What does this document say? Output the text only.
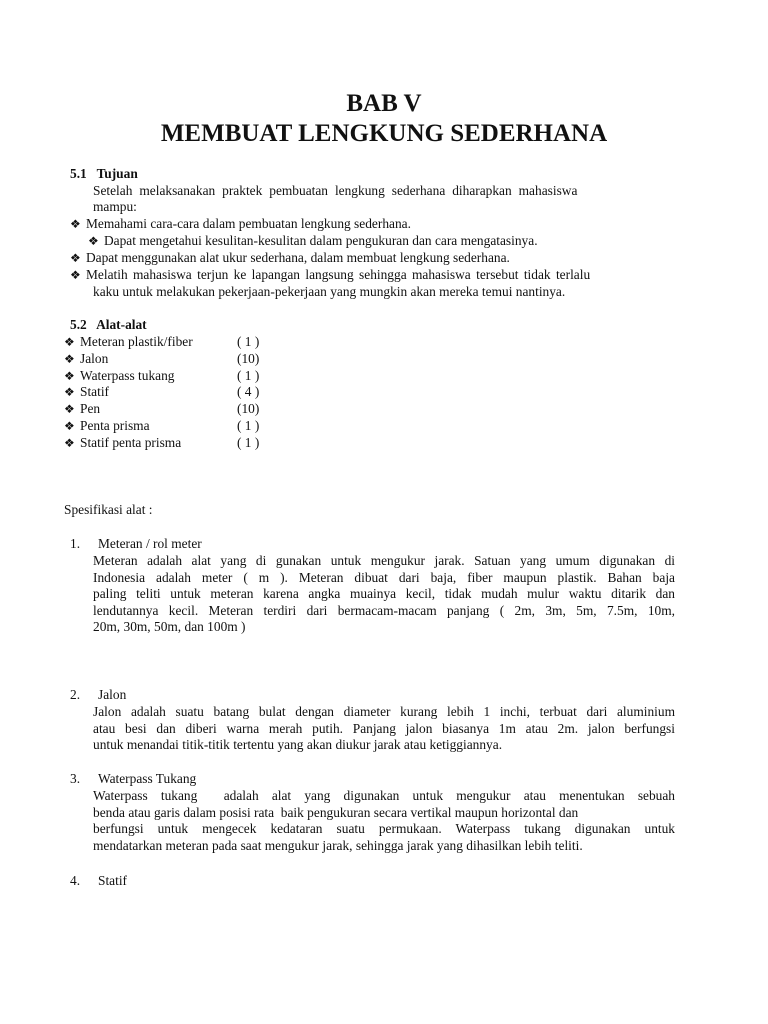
BAB V
MEMBUAT LENGKUNG SEDERHANA
5.1 Tujuan
Setelah melaksanakan praktek pembuatan lengkung sederhana diharapkan mahasiswa
mampu:
❖ Memahami cara-cara dalam pembuatan lengkung sederhana.
❖ Dapat mengetahui kesulitan-kesulitan dalam pengukuran dan cara mengatasinya.
❖ Dapat menggunakan alat ukur sederhana, dalam membuat lengkung sederhana.
❖ Melatih mahasiswa terjun ke lapangan langsung sehingga mahasiswa tersebut tidak terlalu
kaku untuk melakukan pekerjaan-pekerjaan yang mungkin akan mereka temui nantinya.
5.2 Alat-alat
❖ Meteran plastik/fiber	( 1 )
❖ Jalon	(10)
❖ Waterpass tukang	( 1 )
❖ Statif	( 4 )
❖ Pen	(10)
❖ Penta prisma	( 1 )
❖ Statif penta prisma	( 1 )
Spesifikasi alat :
1. Meteran / rol meter
Meteran adalah alat yang di gunakan untuk mengukur jarak. Satuan yang umum digunakan di
Indonesia adalah meter ( m ). Meteran dibuat dari baja, fiber maupun plastik. Bahan baja
paling teliti untuk meteran karena angka muainya kecil, tidak mudah mulur waktu ditarik dan
lendutannya kecil. Meteran terdiri dari bermacam-macam panjang ( 2m, 3m, 5m, 7.5m, 10m,
20m, 30m, 50m, dan 100m )
2. Jalon
Jalon adalah suatu batang bulat dengan diameter kurang lebih 1 inchi, terbuat dari aluminium
atau besi dan diberi warna merah putih. Panjang jalon biasanya 1m atau 2m. jalon berfungsi
untuk menandai titik-titik tertentu yang akan diukur jarak atau ketiggiannya.
3. Waterpass Tukang
Waterpass tukang  adalah alat yang digunakan untuk mengukur atau menentukan sebuah
benda atau garis dalam posisi rata  baik pengukuran secara vertikal maupun horizontal dan
berfungsi untuk mengecek kedataran suatu permukaan. Waterpass tukang digunakan untuk
mendatarkan meteran pada saat mengukur jarak, sehingga jarak yang dihasilkan lebih teliti.
4. Statif
